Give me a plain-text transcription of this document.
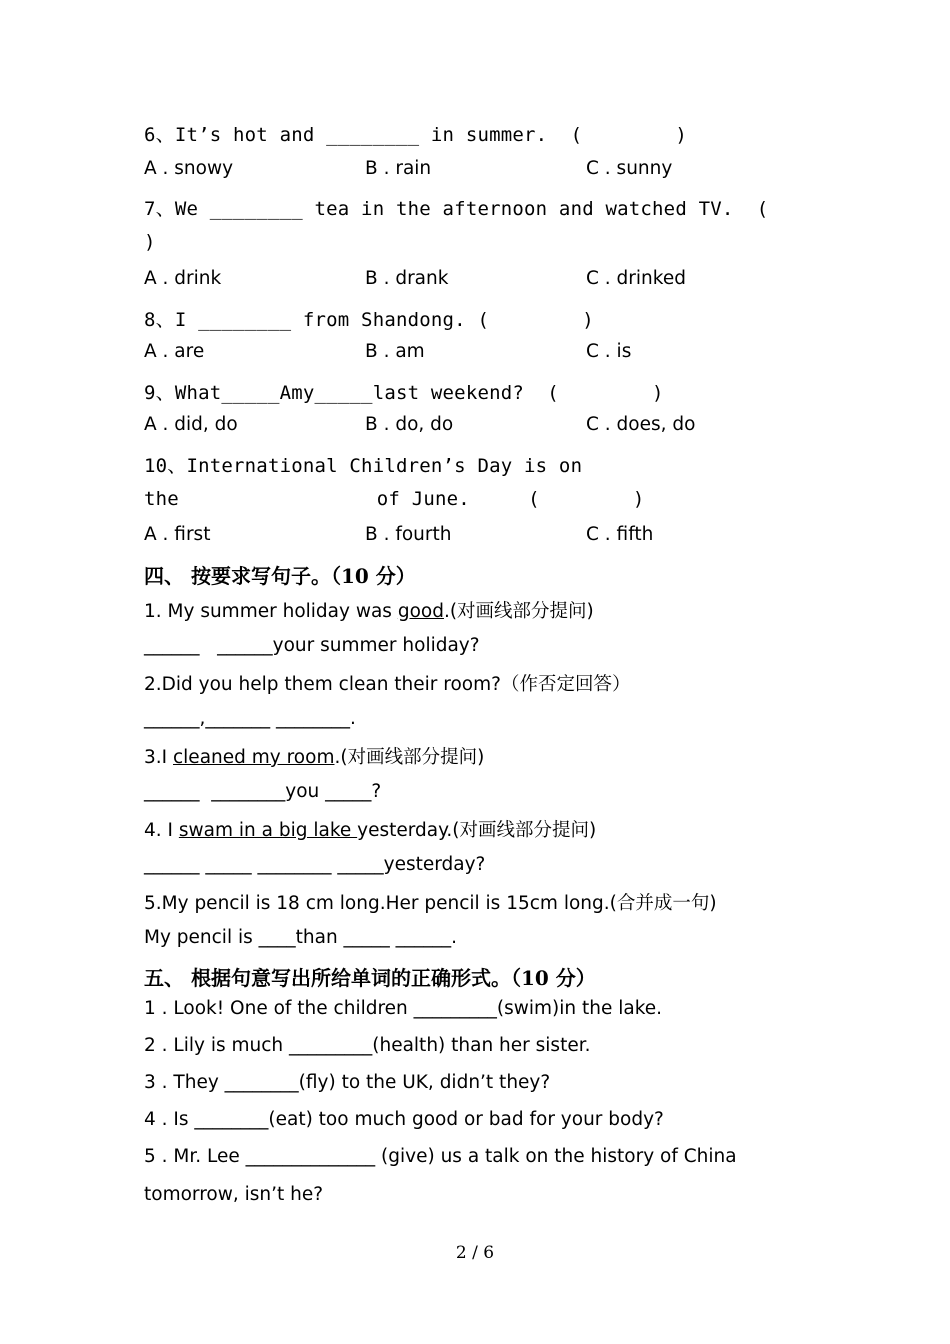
6、It’s hot and ________ in summer.  (        )

A . snowy

	B . rain

	C . sunny

7、We ________ tea in the afternoon and watched TV.  (
)

A . drink

	B . drank

	C . drinked

8、I ________ from Shandong. (        )

A . are

	B . am

	C . is

9、What_____Amy_____last weekend?  (        )

A . did, do

	B . do, do

	C . does, do

10、International Children’s Day is on
the                 of June.     (        )

A . first

	B . fourth

	C . fifth

四、 按要求写句子。（10 分）
1. My summer holiday was good.(对画线部分提问)
______   ______your summer holiday?
2.Did you help them clean their room?（作否定回答）
______,_______ ________.
3.I cleaned my room.(对画线部分提问)
______  ________you _____?
4. I swam in a big lake yesterday.(对画线部分提问)
______ _____ ________ _____yesterday?
5.My pencil is 18 cm long.Her pencil is 15cm long.(合并成一句)
My pencil is ____than _____ ______.
五、 根据句意写出所给单词的正确形式。（10 分）
1 . Look! One of the children _________(swim)in the lake.
2 . Lily is much _________(health) than her sister.
3 . They ________(fly) to the UK, didn’t they?
4 . Is ________(eat) too much good or bad for your body?
5 . Mr. Lee ______________ (give) us a talk on the history of China
tomorrow, isn’t he?
2 / 6
